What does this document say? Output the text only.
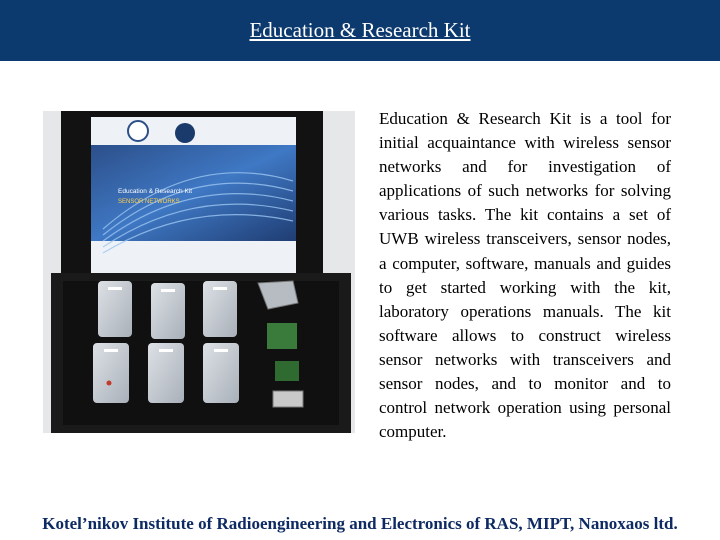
Education & Research Kit
Education & Research Kit
SENSOR NETWORKS

Education & Research Kit is a tool for initial acquaintance with wireless sensor networks and for investigation of applications of such networks for solving various tasks. The kit contains a set of UWB wireless transceivers, sensor nodes, a computer, software, manuals and guides to get started working with the kit, laboratory operations manuals. The kit software allows to construct wireless sensor networks with transceivers and sensor nodes, and to monitor and to control network operation using personal computer.

Kotel’nikov Institute of Radioengineering and Electronics of RAS, MIPT, Nanoxaos ltd.
